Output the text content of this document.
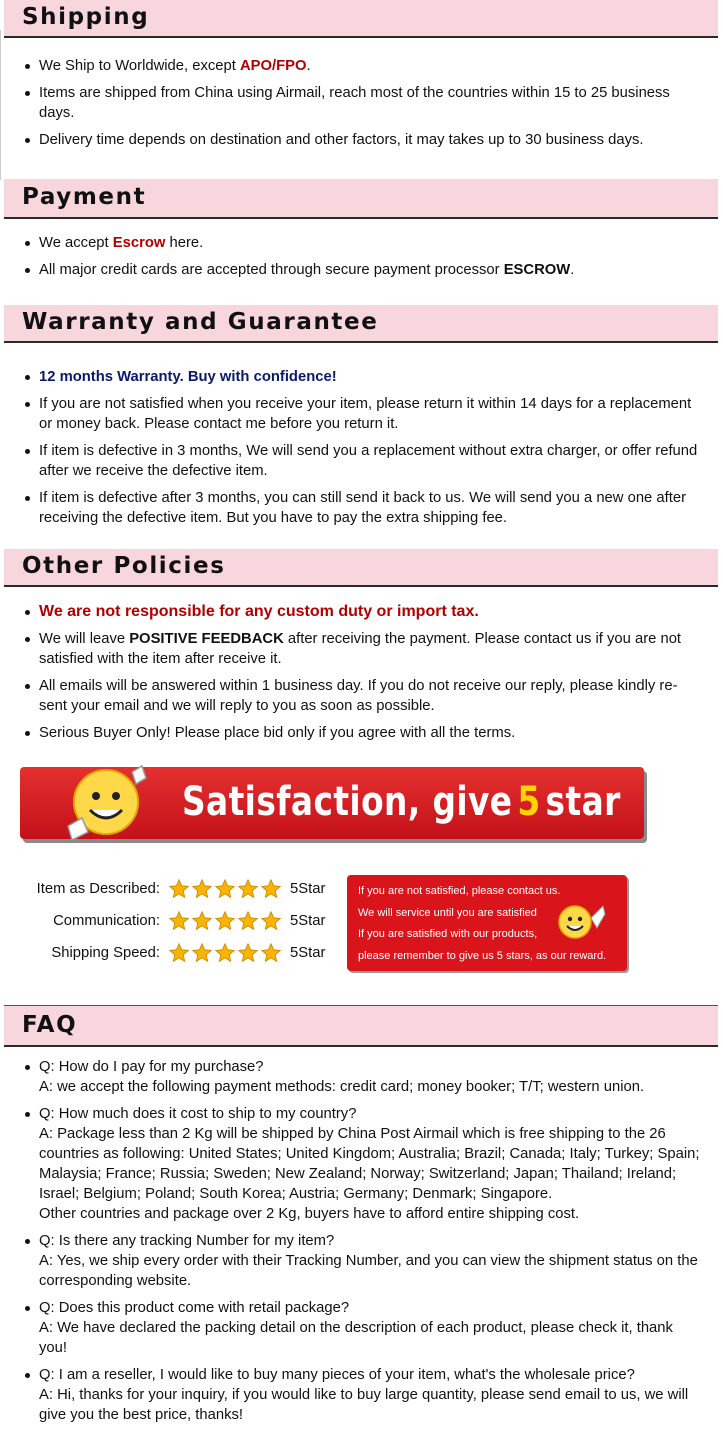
Shipping
We Ship to Worldwide, except APO/FPO.
Items are shipped from China using Airmail, reach most of the countries within 15 to 25 business days.
Delivery time depends on destination and other factors, it may takes up to 30 business days.
Payment
We accept Escrow here.
All major credit cards are accepted through secure payment processor ESCROW.
Warranty and Guarantee
12 months Warranty. Buy with confidence!
If you are not satisfied when you receive your item, please return it within 14 days for a replacement or money back. Please contact me before you return it.
If item is defective in 3 months, We will send you a replacement without extra charger, or offer refund after we receive the defective item.
If item is defective after 3 months, you can still send it back to us. We will send you a new one after receiving the defective item. But you have to pay the extra shipping fee.
Other Policies
We are not responsible for any custom duty or import tax.
We will leave POSITIVE FEEDBACK after receiving the payment. Please contact us if you are not satisfied with the item after receive it.
All emails will be answered within 1 business day. If you do not receive our reply, please kindly re-sent your email and we will reply to you as soon as possible.
Serious Buyer Only! Please place bid only if you agree with all the terms.
Satisfaction, give 5 star
Item as Described:	5Star
Communication:	5Star
Shipping Speed:	5Star
If you are not satisfied, please contact us.
We will service until you are satisfied
If you are satisfied with our products,
please remember to give us 5 stars, as our reward.
FAQ
Q: How do I pay for my purchase?
A: we accept the following payment methods: credit card; money booker; T/T; western union.
Q: How much does it cost to ship to my country?
A: Package less than 2 Kg will be shipped by China Post Airmail which is free shipping to the 26 countries as following: United States; United Kingdom; Australia; Brazil; Canada; Italy; Turkey; Spain; Malaysia; France; Russia; Sweden; New Zealand; Norway; Switzerland; Japan; Thailand; Ireland; Israel; Belgium; Poland; South Korea; Austria; Germany; Denmark; Singapore.
Other countries and package over 2 Kg, buyers have to afford entire shipping cost.
Q: Is there any tracking Number for my item?
A: Yes, we ship every order with their Tracking Number, and you can view the shipment status on the corresponding website.
Q: Does this product come with retail package?
A: We have declared the packing detail on the description of each product, please check it, thank you!
Q: I am a reseller, I would like to buy many pieces of your item, what's the wholesale price?
A: Hi, thanks for your inquiry, if you would like to buy large quantity, please send email to us, we will give you the best price, thanks!
